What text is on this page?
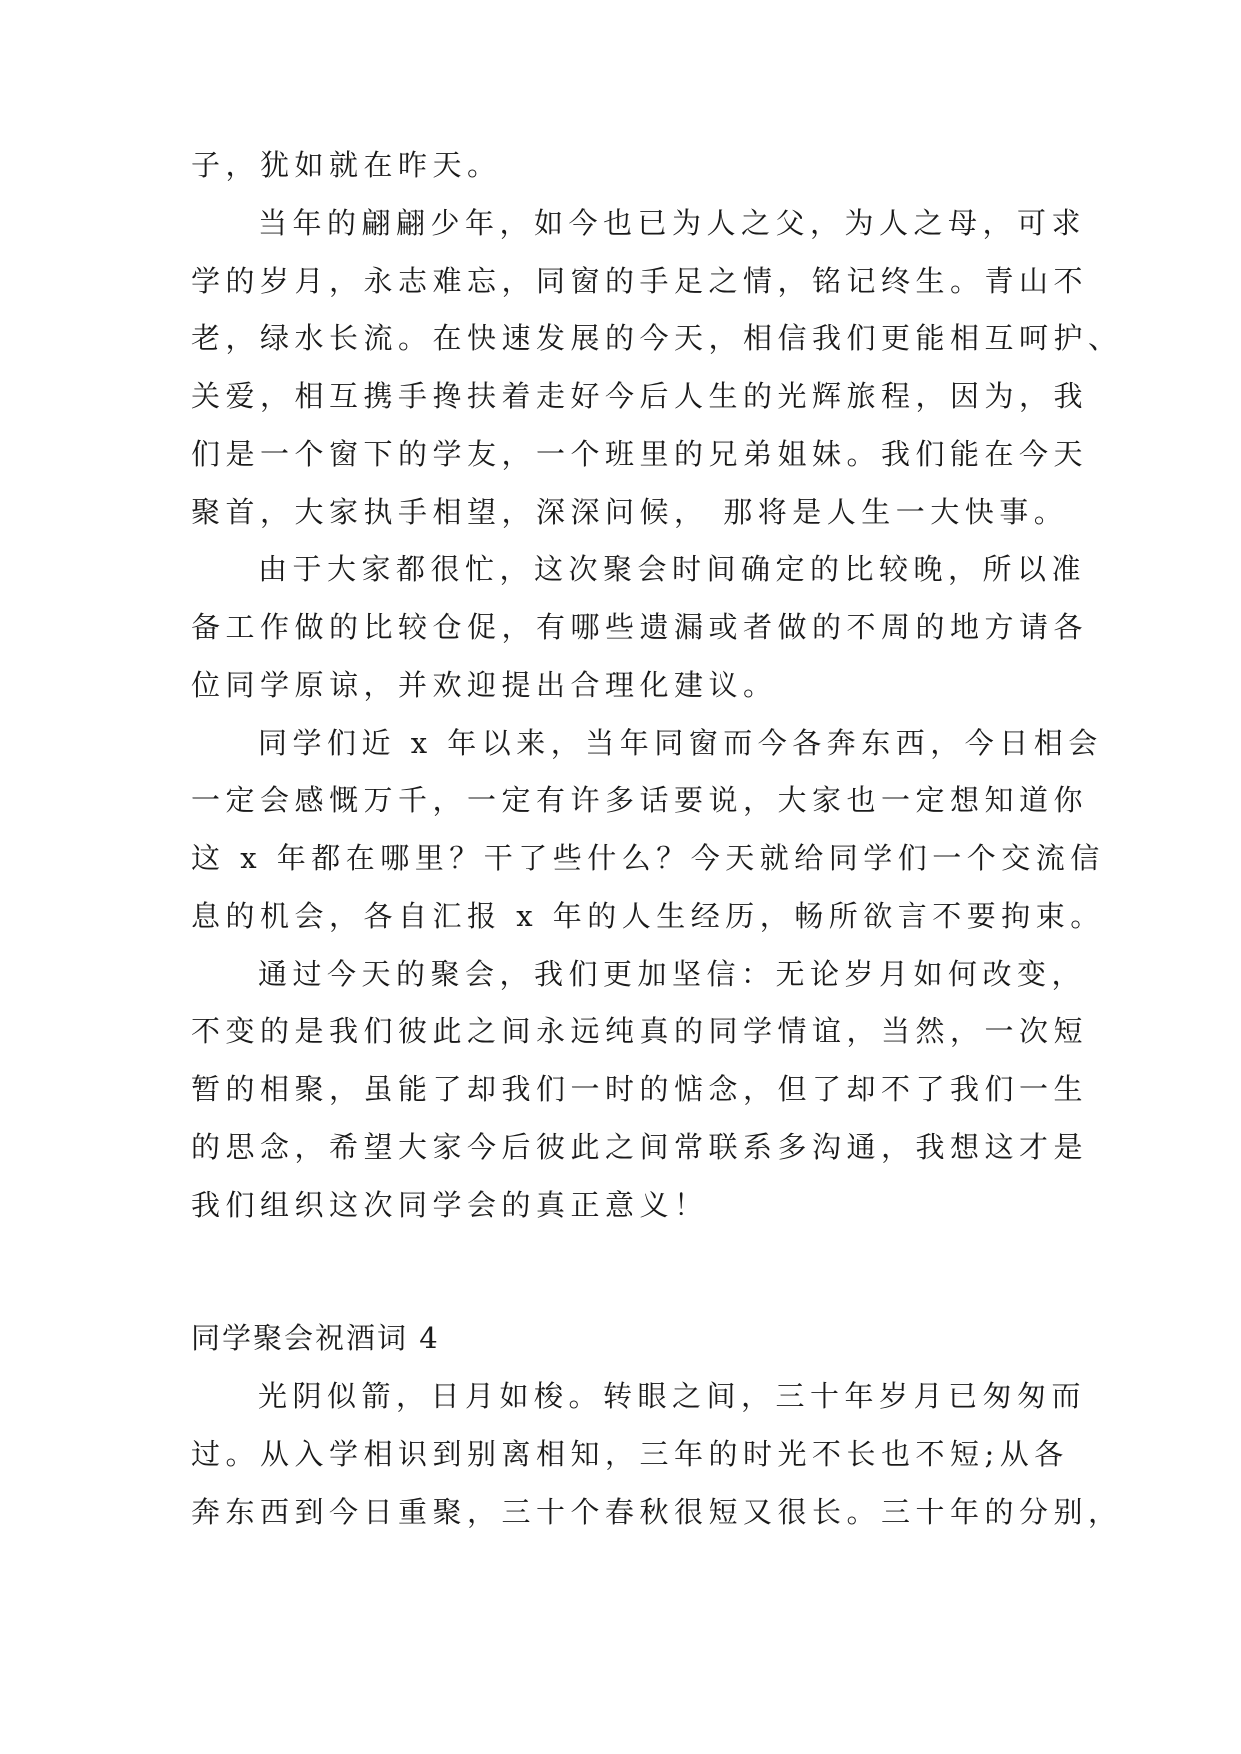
子，犹如就在昨天。
当年的翩翩少年，如今也已为人之父，为人之母，可求
学的岁月，永志难忘，同窗的手足之情，铭记终生。青山不
老，绿水长流。在快速发展的今天，相信我们更能相互呵护、
关爱，相互携手搀扶着走好今后人生的光辉旅程，因为，我
们是一个窗下的学友，一个班里的兄弟姐妹。我们能在今天
聚首，大家执手相望，深深问候， 那将是人生一大快事。
由于大家都很忙，这次聚会时间确定的比较晚，所以准
备工作做的比较仓促，有哪些遗漏或者做的不周的地方请各
位同学原谅，并欢迎提出合理化建议。
同学们近 x 年以来，当年同窗而今各奔东西，今日相会
一定会感慨万千，一定有许多话要说，大家也一定想知道你
这 x 年都在哪里？干了些什么？今天就给同学们一个交流信
息的机会，各自汇报 x 年的人生经历，畅所欲言不要拘束。
通过今天的聚会，我们更加坚信：无论岁月如何改变，
不变的是我们彼此之间永远纯真的同学情谊，当然，一次短
暂的相聚，虽能了却我们一时的惦念，但了却不了我们一生
的思念，希望大家今后彼此之间常联系多沟通，我想这才是
我们组织这次同学会的真正意义！
同学聚会祝酒词 4
光阴似箭，日月如梭。转眼之间，三十年岁月已匆匆而
过。从入学相识到别离相知，三年的时光不长也不短;从各
奔东西到今日重聚，三十个春秋很短又很长。三十年的分别，
